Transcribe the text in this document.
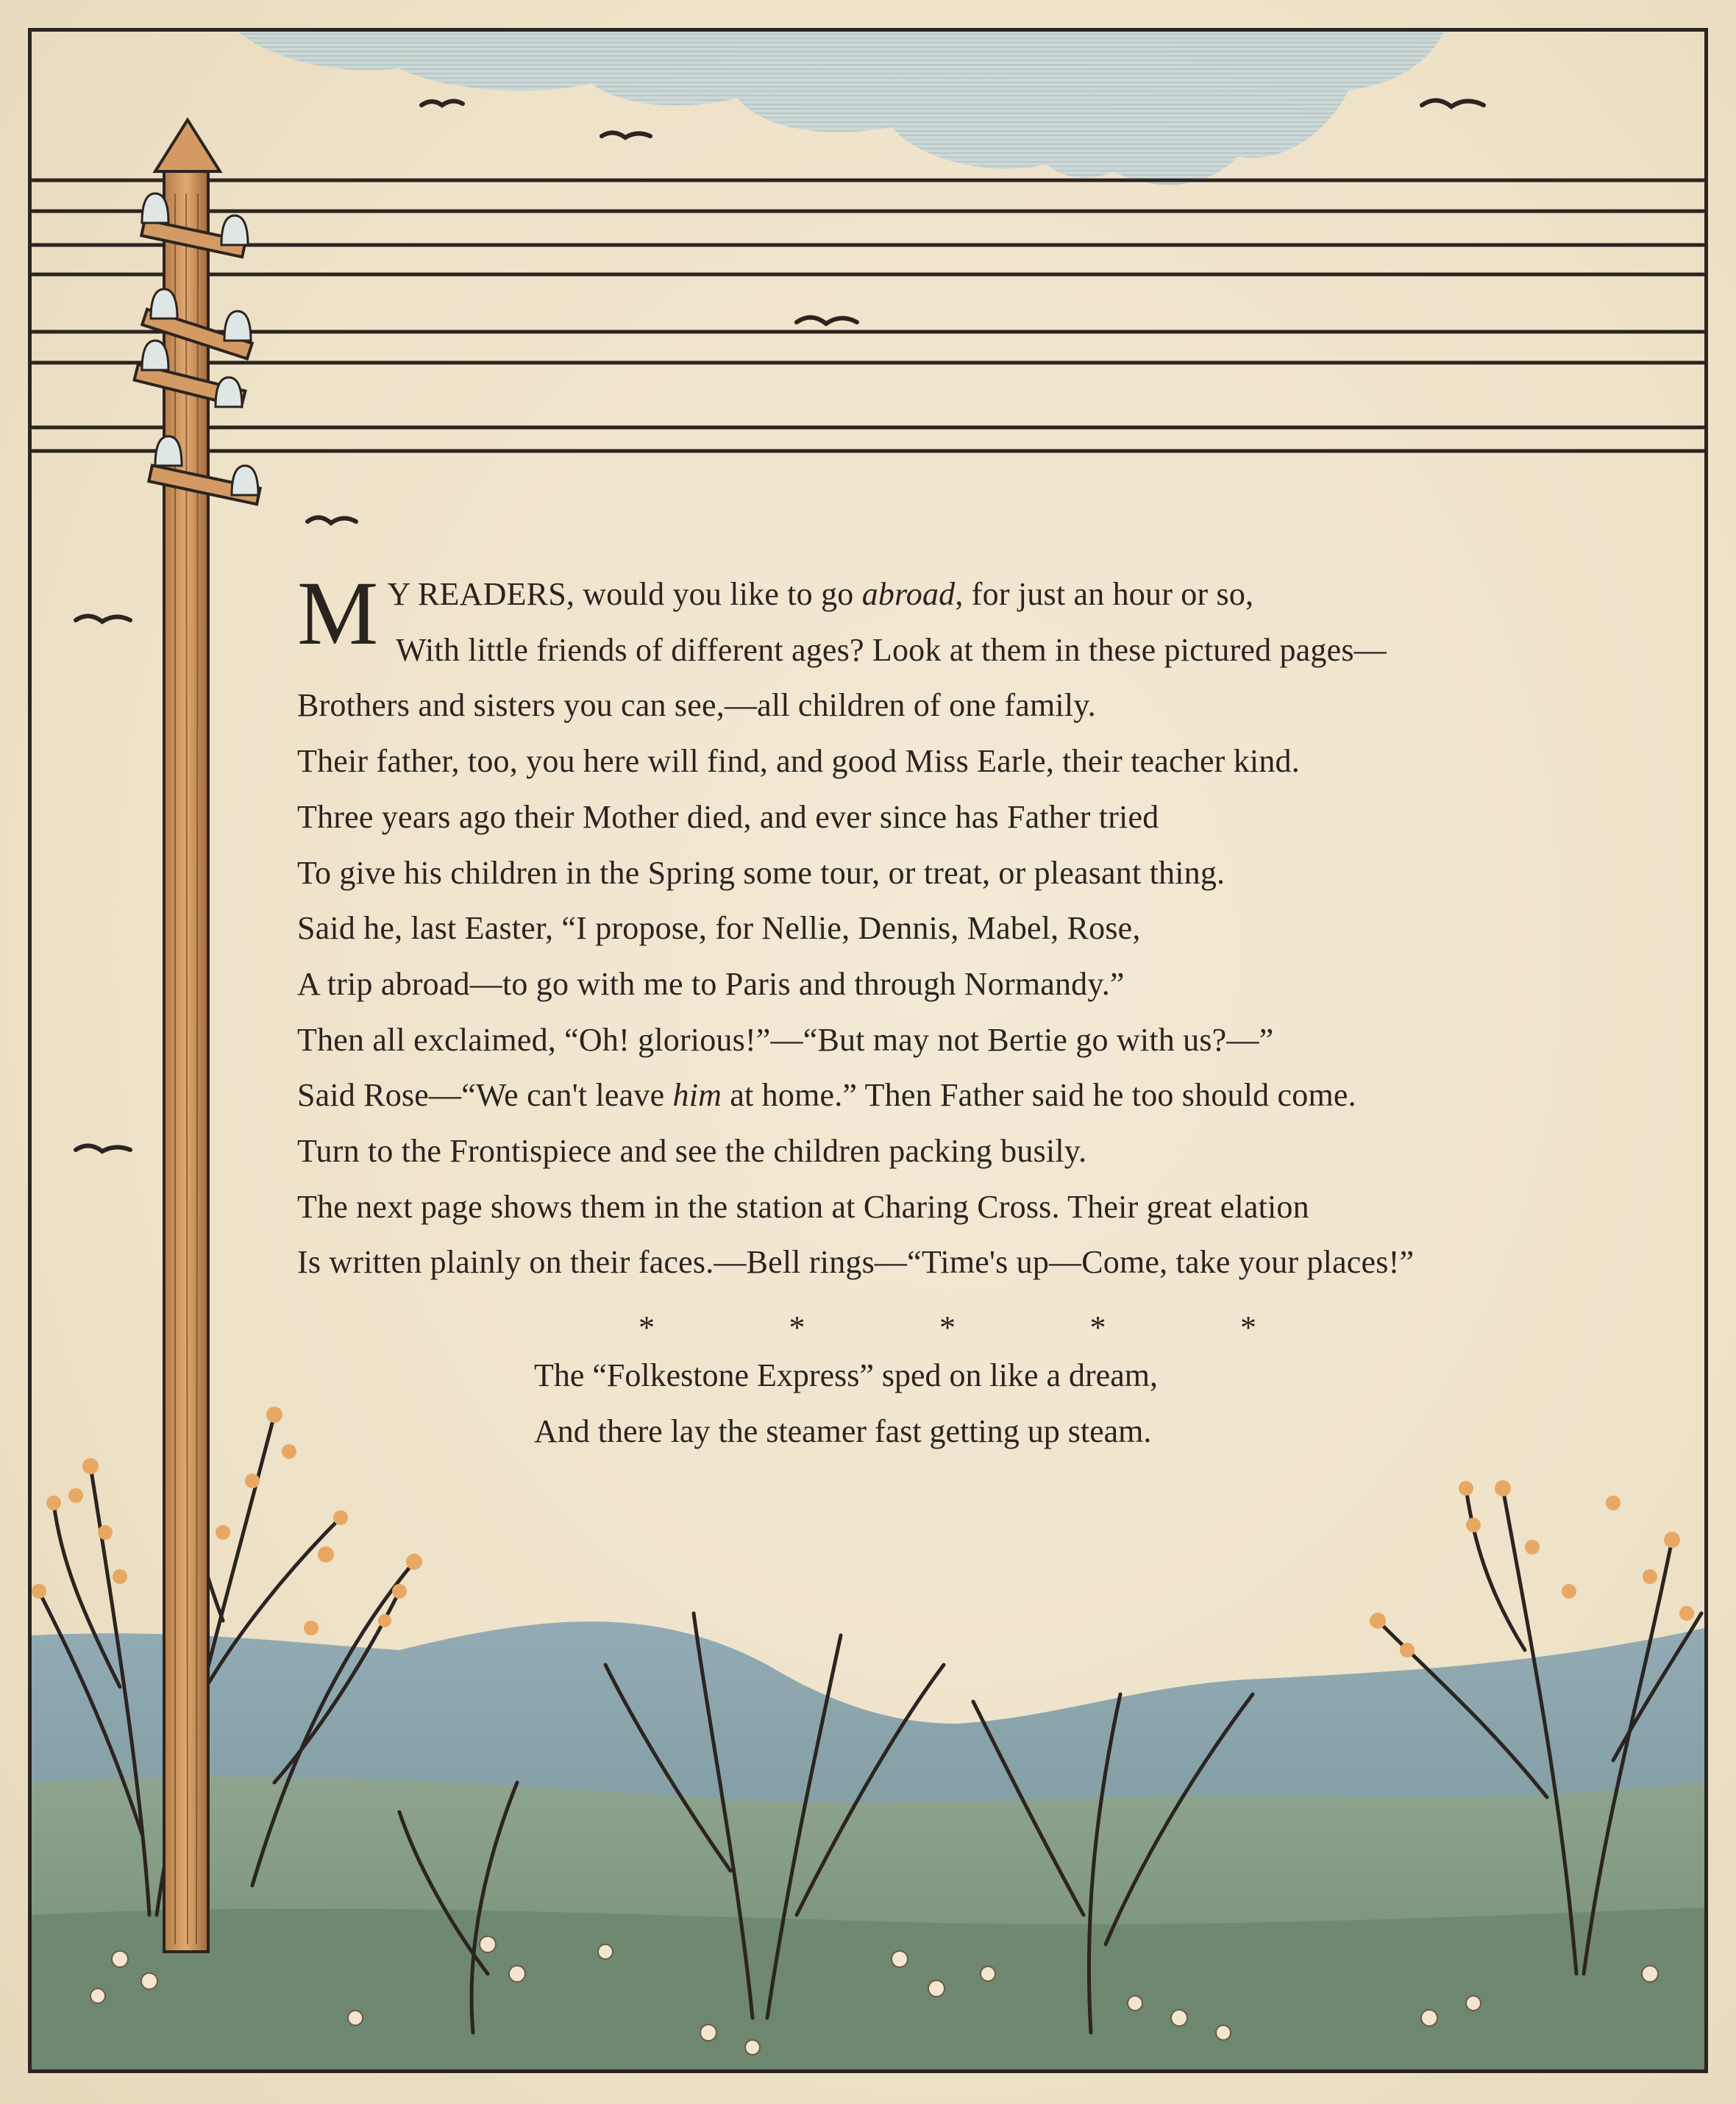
M Y READERS, would you like to go abroad, for just an hour or so,
With little friends of different ages? Look at them in these pictured pages—
Brothers and sisters you can see,—all children of one family.
Their father, too, you here will find, and good Miss Earle, their teacher kind.
Three years ago their Mother died, and ever since has Father tried
To give his children in the Spring some tour, or treat, or pleasant thing.
Said he, last Easter, “I propose, for Nellie, Dennis, Mabel, Rose,
A trip abroad—to go with me to Paris and through Normandy.”
Then all exclaimed, “Oh! glorious!”—“But may not Bertie go with us?—”
Said Rose—“We can't leave him at home.” Then Father said he too should come.
Turn to the Frontispiece and see the children packing busily.
The next page shows them in the station at Charing Cross. Their great elation
Is written plainly on their faces.—Bell rings—“Time's up—Come, take your places!”
*	*	*	*	*
The “Folkestone Express” sped on like a dream,
And there lay the steamer fast getting up steam.
